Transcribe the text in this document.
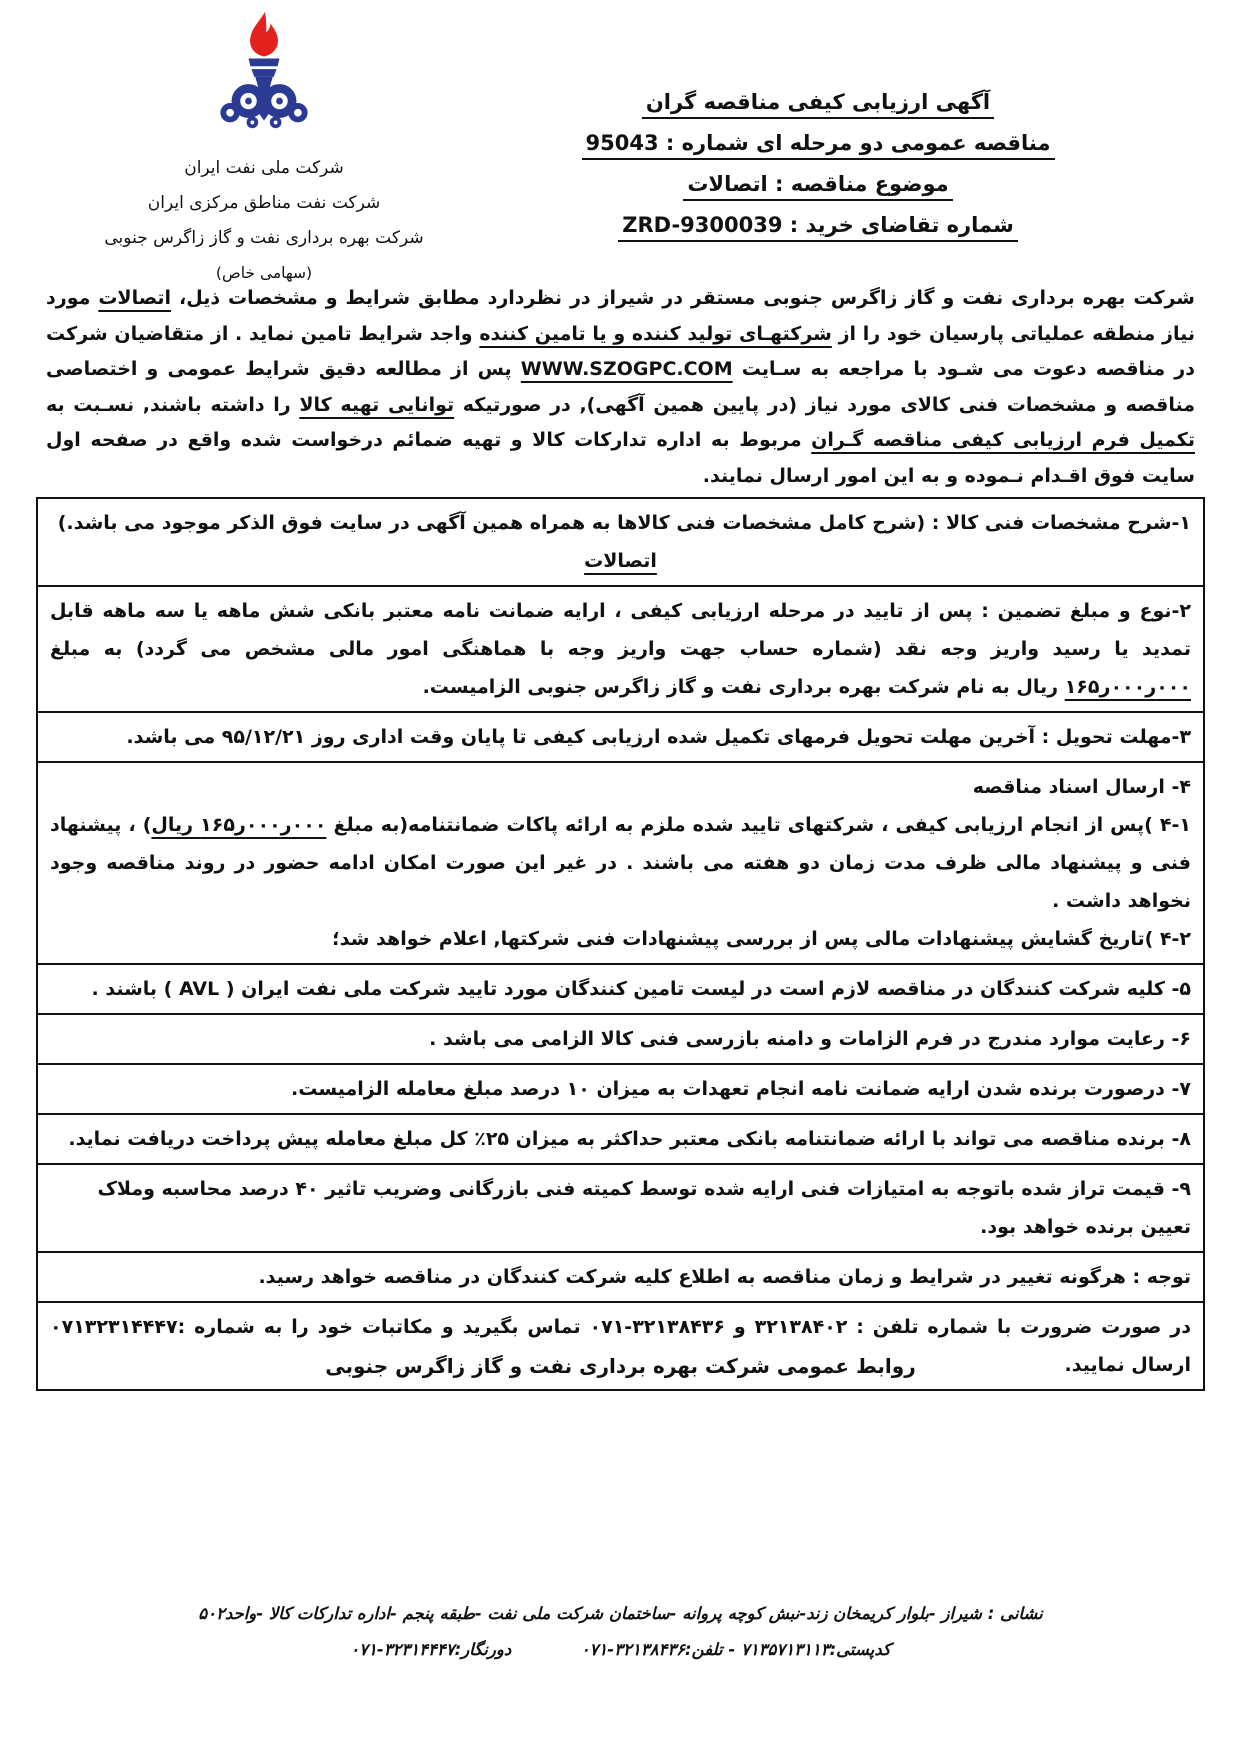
شرکت ملی نفت ایران
شرکت نفت مناطق مرکزی ایران
شرکت بهره برداری نفت و گاز زاگرس جنوبی
(سهامی خاص)
آگهی ارزیابی کیفی مناقصه گران
مناقصه عمومی دو مرحله ای شماره : 95043
موضوع مناقصه : اتصالات
شماره تقاضای خرید : ZRD-9300039
شرکت بهره برداری نفت و گاز زاگرس جنوبی مستقر در شیراز در نظردارد مطابق شرایط و مشخصات ذیل، اتصالات مورد نیاز منطقه عملیاتی پارسیان خود را از شرکتهـای تولید کننده و یا تامین کننده واجد شرایط تامین نماید . از متقاضیان شرکت در مناقصه دعوت می شـود با مراجعه به سـایت WWW.SZOGPC.COM پس از مطالعه دقیق شرایط عمومی و اختصاصی مناقصه و مشخصات فنی کالای مورد نیاز (در پایین همین آگهی), در صورتیکه توانایی تهیه کالا را داشته باشند, نسـبت به تکمیل فرم ارزیابی کیفی مناقصه گـران مربوط به اداره تدارکات کالا و تهیه ضمائم درخواست شده واقع در صفحه اول سایت فوق اقـدام نـموده و به این امور ارسال نمایند.
۱-شرح مشخصات فنی کالا : (شرح کامل مشخصات فنی کالاها به همراه همین آگهی در سایت فوق الذکر موجود می باشد.)
اتصالات
۲-نوع و مبلغ تضمین : پس از تایید در مرحله ارزیابی کیفی ، ارایه ضمانت نامه معتبر بانکی شش ماهه یا سه ماهه قابل تمدید یا رسید واریز وجه نقد (شماره حساب جهت واریز وجه با هماهنگی امور مالی مشخص می گردد) به مبلغ ۰۰۰ر۰۰۰ر۱۶۵ ریال به نام شرکت بهره برداری نفت و گاز زاگرس جنوبی الزامیست.
۳-مهلت تحویل : آخرین مهلت تحویل فرمهای تکمیل شده ارزیابی کیفی تا پایان وقت اداری روز ۹۵/۱۲/۲۱ می باشد.
۴- ارسال اسناد مناقصه
۴-۱ )پس از انجام ارزیابی کیفی ، شرکتهای تایید شده ملزم به ارائه پاکات ضمانتنامه(به مبلغ ۰۰۰ر۰۰۰ر۱۶۵ ریال) ، پیشنهاد فنی و پیشنهاد مالی ظرف مدت زمان دو هفته می باشند . در غیر این صورت امکان ادامه حضور در روند مناقصه وجود نخواهد داشت .
۴-۲ )تاریخ گشایش پیشنهادات مالی پس از بررسی پیشنهادات فنی شرکتها, اعلام خواهد شد؛
۵- کلیه شرکت کنندگان در مناقصه لازم است در لیست تامین کنندگان مورد تایید شرکت ملی نفت ایران ( AVL ) باشند .
۶- رعایت موارد مندرج در فرم الزامات و دامنه بازرسی فنی کالا الزامی می باشد .
۷- درصورت برنده شدن ارایه ضمانت نامه انجام تعهدات به میزان ۱۰ درصد مبلغ معامله الزامیست.
۸- برنده مناقصه می تواند با ارائه ضمانتنامه بانکی معتبر حداکثر به میزان ۲۵٪ کل مبلغ معامله پیش پرداخت دریافت نماید.
۹- قیمت تراز شده باتوجه به امتیازات فنی ارایه شده توسط کمیته فنی بازرگانی وضریب تاثیر ۴۰ درصد محاسبه وملاک تعیین برنده خواهد بود.
توجه : هرگونه تغییر در شرایط و زمان مناقصه به اطلاع کلیه شرکت کنندگان در مناقصه خواهد رسید.
در صورت ضرورت با شماره تلفن : ۳۲۱۳۸۴۰۲ و ۳۲۱۳۸۴۳۶-۰۷۱ تماس بگیرید و مکاتبات خود را به شماره :۰۷۱۳۲۳۱۴۴۴۷ ارسال نمایید.
روابط عمومی شرکت بهره برداری نفت و گاز زاگرس جنوبی
نشانی : شیراز -بلوار کریمخان زند-نبش کوچه پروانه -ساختمان شرکت ملی نفت -طبقه پنجم -اداره تدارکات کالا -واحد۵۰۲
کدپستی:۷۱۳۵۷۱۳۱۱۳ - تلفن:۳۲۱۳۸۴۳۶-۰۷۱  دورنگار:۳۲۳۱۴۴۴۷-۰۷۱
